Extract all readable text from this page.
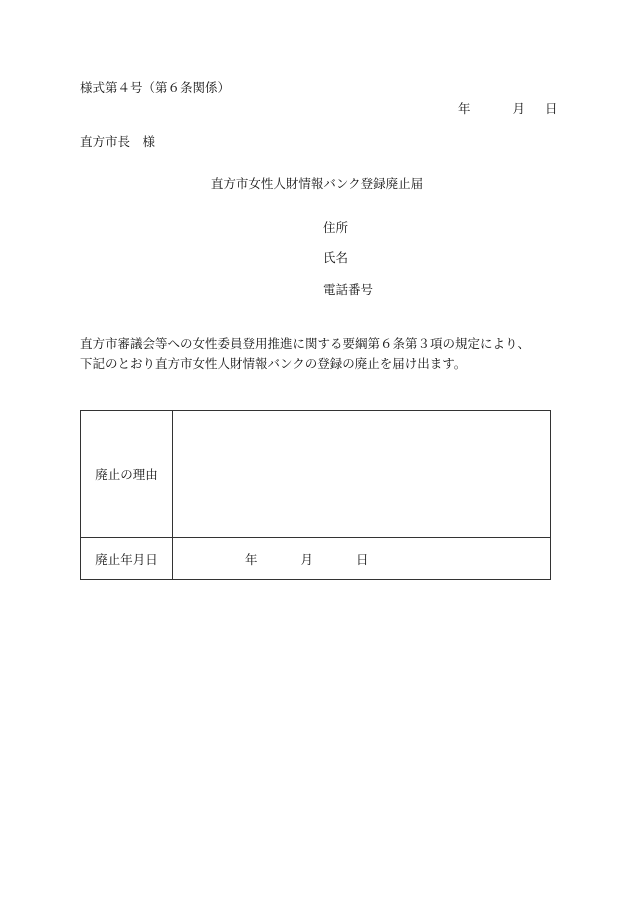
様式第４号（第６条関係）
年	月 日
直方市長　様
直方市女性人財情報バンク登録廃止届
住所
氏名
電話番号
直方市審議会等への女性委員登用推進に関する要綱第６条第３項の規定により、
下記のとおり直方市女性人財情報バンクの登録の廃止を届け出ます。
廃止の理由	
廃止年月日	年 月 日
